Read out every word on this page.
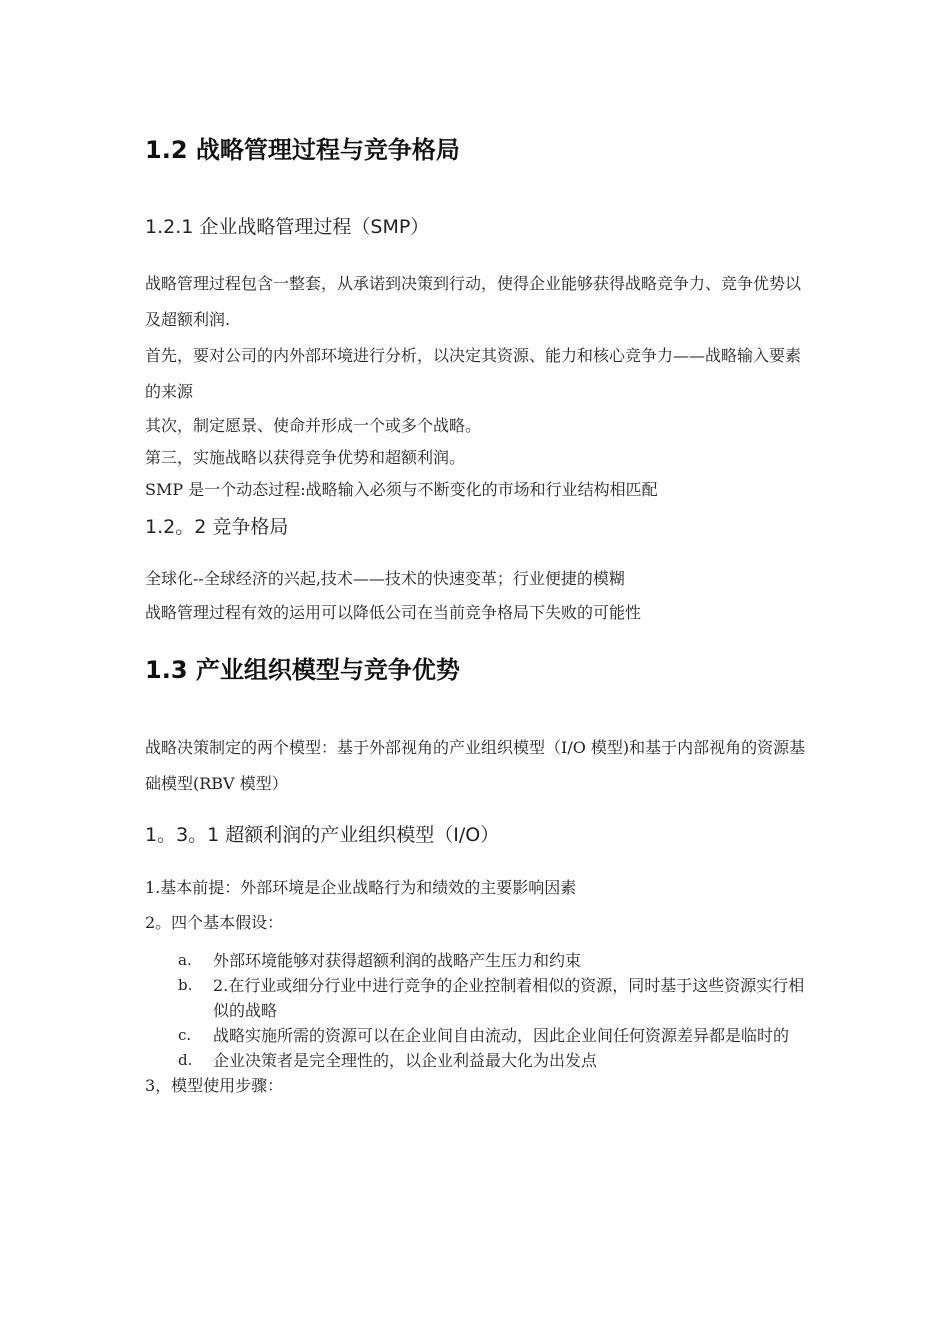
1.2 战略管理过程与竞争格局
1.2.1 企业战略管理过程（SMP）

战略管理过程包含一整套，从承诺到决策到行动，使得企业能够获得战略竞争力、竞争优势以及超额利润.

首先，要对公司的内外部环境进行分析，以决定其资源、能力和核心竞争力——战略输入要素的来源

其次，制定愿景、使命并形成一个或多个战略。

第三，实施战略以获得竞争优势和超额利润。

SMP 是一个动态过程:战略输入必须与不断变化的市场和行业结构相匹配

1.2。2 竞争格局

全球化--全球经济的兴起,技术——技术的快速变革；行业便捷的模糊

战略管理过程有效的运用可以降低公司在当前竞争格局下失败的可能性

1.3 产业组织模型与竞争优势

战略决策制定的两个模型：基于外部视角的产业组织模型（I/O 模型)和基于内部视角的资源基础模型(RBV 模型）

1。3。1 超额利润的产业组织模型（I/O）

1.基本前提：外部环境是企业战略行为和绩效的主要影响因素

2。四个基本假设：

a.	外部环境能够对获得超额利润的战略产生压力和约束
b.	2.在行业或细分行业中进行竞争的企业控制着相似的资源，同时基于这些资源实行相似的战略
c.	战略实施所需的资源可以在企业间自由流动，因此企业间任何资源差异都是临时的
d.	企业决策者是完全理性的，以企业利益最大化为出发点

3，模型使用步骤：
